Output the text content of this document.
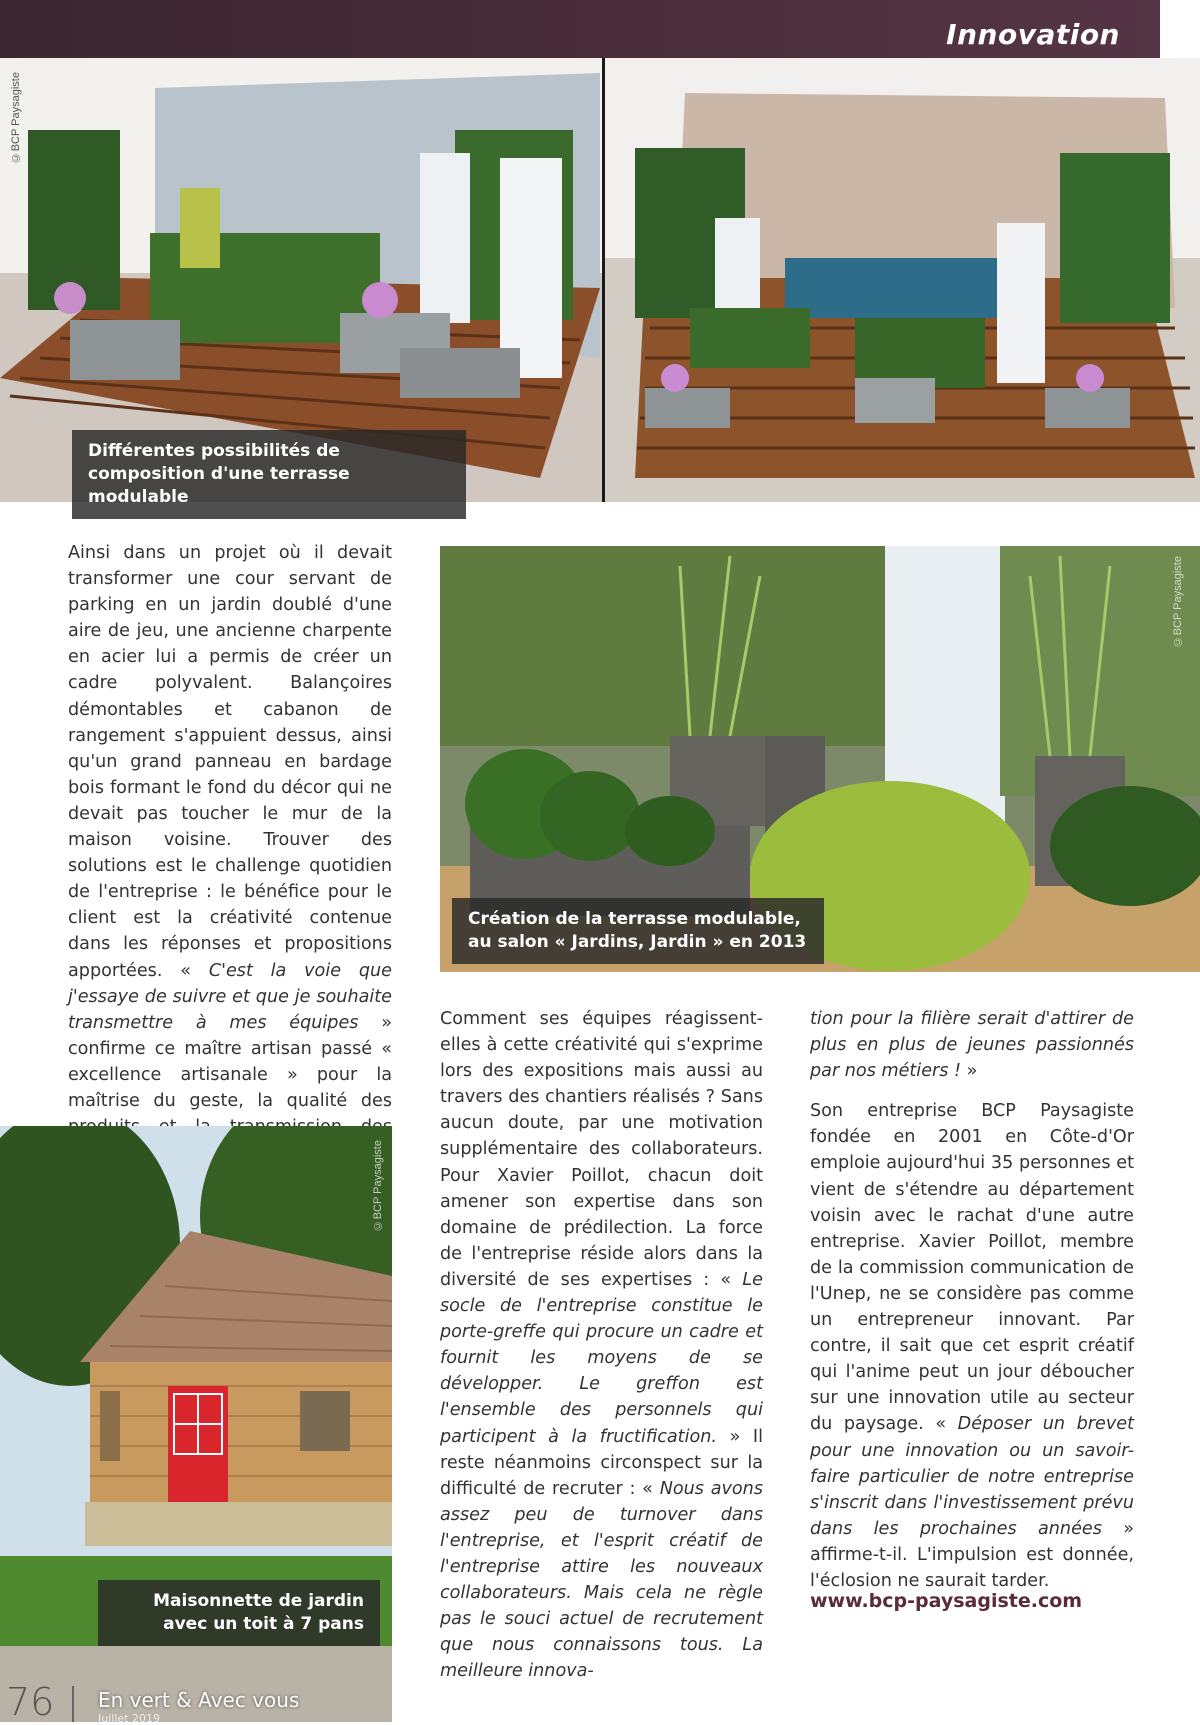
Innovation
©BCP Paysagiste
Différentes possibilités de composition d'une terrasse modulable

Ainsi dans un projet où il devait transformer une cour servant de parking en un jardin doublé d'une aire de jeu, une ancienne charpente en acier lui a permis de créer un cadre polyvalent. Balançoires démontables et cabanon de rangement s'appuient dessus, ainsi qu'un grand panneau en bardage bois formant le fond du décor qui ne devait pas toucher le mur de la maison voisine. Trouver des solutions est le challenge quotidien de l'entreprise : le bénéfice pour le client est la créativité contenue dans les réponses et propositions apportées. « C'est la voie que j'essaye de suivre et que je souhaite transmettre à mes équipes » confirme ce maître artisan passé « excellence artisanale » pour la maîtrise du geste, la qualité des

©BCP Paysagiste
Création de la terrasse modulable, au salon « Jardins, Jardin » en 2013

Comment ses équipes réagissent-elles à cette créativité qui s'exprime lors des expositions mais aussi au travers des chantiers réalisés ? Sans aucun doute, par une motivation supplémentaire des collaborateurs. Pour Xavier Poillot, chacun doit amener son expertise dans son domaine de prédilection. La force de l'entreprise réside alors dans la diversité de ses expertises : « Le socle de l'entreprise constitue le porte-greffe qui procure un cadre et fournit les moyens de se développer. Le greffon est l'ensemble des personnels qui participent à la fructification. » Il reste néanmoins circonspect sur la difficulté de recruter : « Nous avons assez peu de turnover dans l'entreprise, et l'esprit créatif de l'entreprise attire les nouveaux collaborateurs. Mais cela ne règle pas le souci actuel de recrutement que nous connaissons tous. La meilleure innova-

tion pour la filière serait d'attirer de plus en plus de jeunes passionnés par nos métiers ! »

Son entreprise BCP Paysagiste fondée en 2001 en Côte-d'Or emploie aujourd'hui 35 personnes et vient de s'étendre au département voisin avec le rachat d'une autre entreprise. Xavier Poillot, membre de la commission communication de l'Unep, ne se considère pas comme un entrepreneur innovant. Par contre, il sait que cet esprit créatif qui l'anime peut un jour déboucher sur une innovation utile au secteur du paysage. « Déposer un brevet pour une innovation ou un savoir-faire particulier de notre entreprise s'inscrit dans l'investissement prévu dans les prochaines années » affirme-t-il. L'impulsion est donnée, l'éclosion ne saurait tarder.

www.bcp-paysagiste.com
©BCP Paysagiste
Maisonnette de jardin avec un toit à 7 pans
76 En vert & Avec vous
Juillet 2019
